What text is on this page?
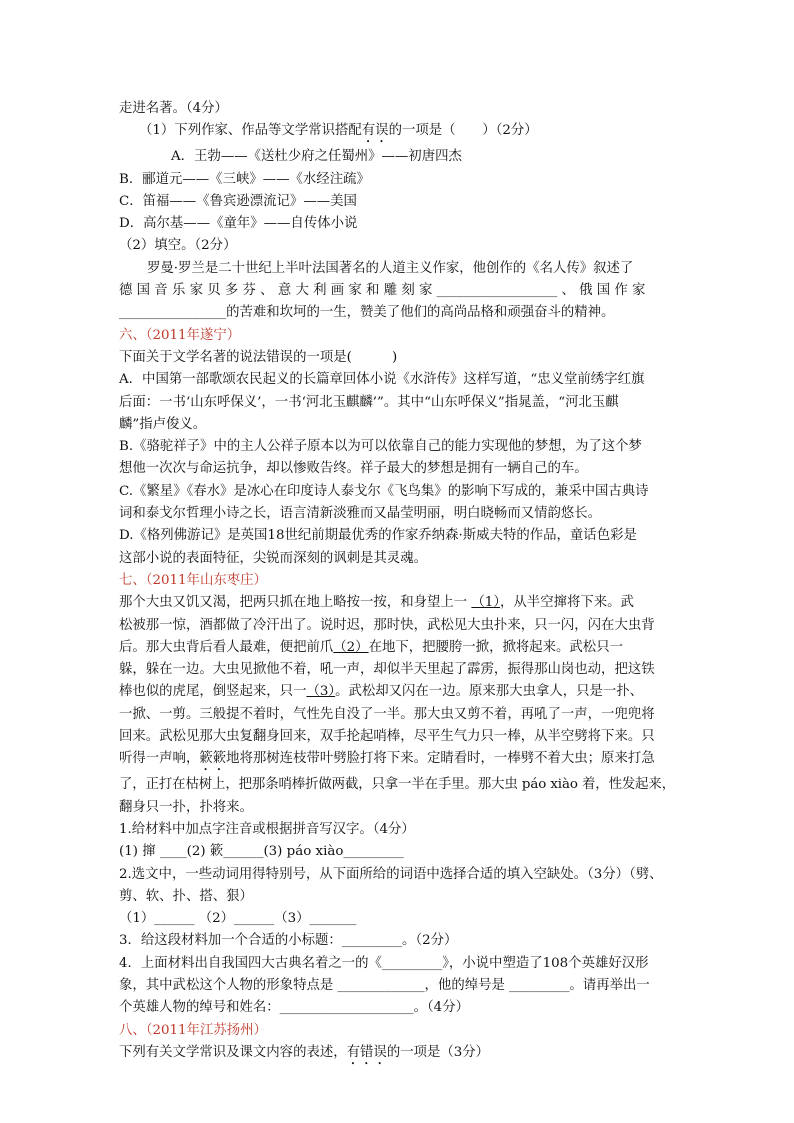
走进名著。（4分）
（1）下列作家、作品等文学常识搭配有误的一项是（　　）（2分）
A．王勃——《送杜少府之任蜀州》——初唐四杰
B．郦道元——《三峡》——《水经注疏》
C．笛福——《鲁宾逊漂流记》——美国
D．高尔基——《童年》——自传体小说
（2）填空。（2分）
罗曼·罗兰是二十世纪上半叶法国著名的人道主义作家，他创作的《名人传》叙述了
德 国 音 乐 家 贝 多 芬 、 意 大 利 画 家 和 雕 刻 家 __________________ 、 俄 国 作 家
________________的苦难和坎坷的一生，赞美了他们的高尚品格和顽强奋斗的精神。
六、（2011年遂宁）
下面关于文学名著的说法错误的一项是(　　　)
A．中国第一部歌颂农民起义的长篇章回体小说《水浒传》这样写道，“忠义堂前绣字红旗
后面：一书‘山东呼保义’，一书‘河北玉麒麟’”。其中“山东呼保义”指晁盖，“河北玉麒
麟”指卢俊义。
B.《骆驼祥子》中的主人公祥子原本以为可以依靠自己的能力实现他的梦想，为了这个梦
想他一次次与命运抗争，却以惨败告终。祥子最大的梦想是拥有一辆自己的车。
C.《繁星》《春水》是冰心在印度诗人泰戈尔《飞鸟集》的影响下写成的，兼采中国古典诗
词和泰戈尔哲理小诗之长，语言清新淡雅而又晶莹明丽，明白晓畅而又情韵悠长。
D.《格列佛游记》是英国18世纪前期最优秀的作家乔纳森·斯威夫特的作品，童话色彩是
这部小说的表面特征，尖锐而深刻的讽刺是其灵魂。
七、（2011年山东枣庄）
那个大虫又饥又渴，把两只抓在地上略按一按，和身望上一 （1），从半空撺将下来。武
松被那一惊，酒都做了冷汗出了。说时迟，那时快，武松见大虫扑来，只一闪，闪在大虫背
后。那大虫背后看人最难，便把前爪（2）在地下，把腰胯一掀，掀将起来。武松只一
躲，躲在一边。大虫见掀他不着，吼一声，却似半天里起了霹雳，振得那山岗也动，把这铁
棒也似的虎尾，倒竖起来，只一（3）。武松却又闪在一边。原来那大虫拿人，只是一扑、
一掀、一剪。三般提不着时，气性先自没了一半。那大虫又剪不着，再吼了一声，一兜兜将
回来。武松见那大虫复翻身回来，双手抡起哨棒，尽平生气力只一棒，从半空劈将下来。只
听得一声响，簌簌地将那树连枝带叶劈脸打将下来。定睛看时，一棒劈不着大虫；原来打急
了，正打在枯树上，把那条哨棒折做两截，只拿一半在手里。那大虫 páo xiào 着，性发起来，
翻身只一扑，扑将来。
1.给材料中加点字注音或根据拼音写汉字。（4分）
(1) 撺 ____(2) 簌______(3) páo xiào_________
2.选文中，一些动词用得特别号，从下面所给的词语中选择合适的填入空缺处。（3分）（劈、
剪、软、扑、搭、狠）
（1）______ （2）______（3）_______
3．给这段材料加一个合适的小标题：_________。（2分）
4．上面材料出自我国四大古典名着之一的《_________》，小说中塑造了108个英雄好汉形
象，其中武松这个人物的形象特点是 _____________，他的绰号是 _________。请再举出一
个英雄人物的绰号和姓名：____________________。（4分）
八、（2011年江苏扬州）
下列有关文学常识及课文内容的表述，有错误的一项是（3分）
